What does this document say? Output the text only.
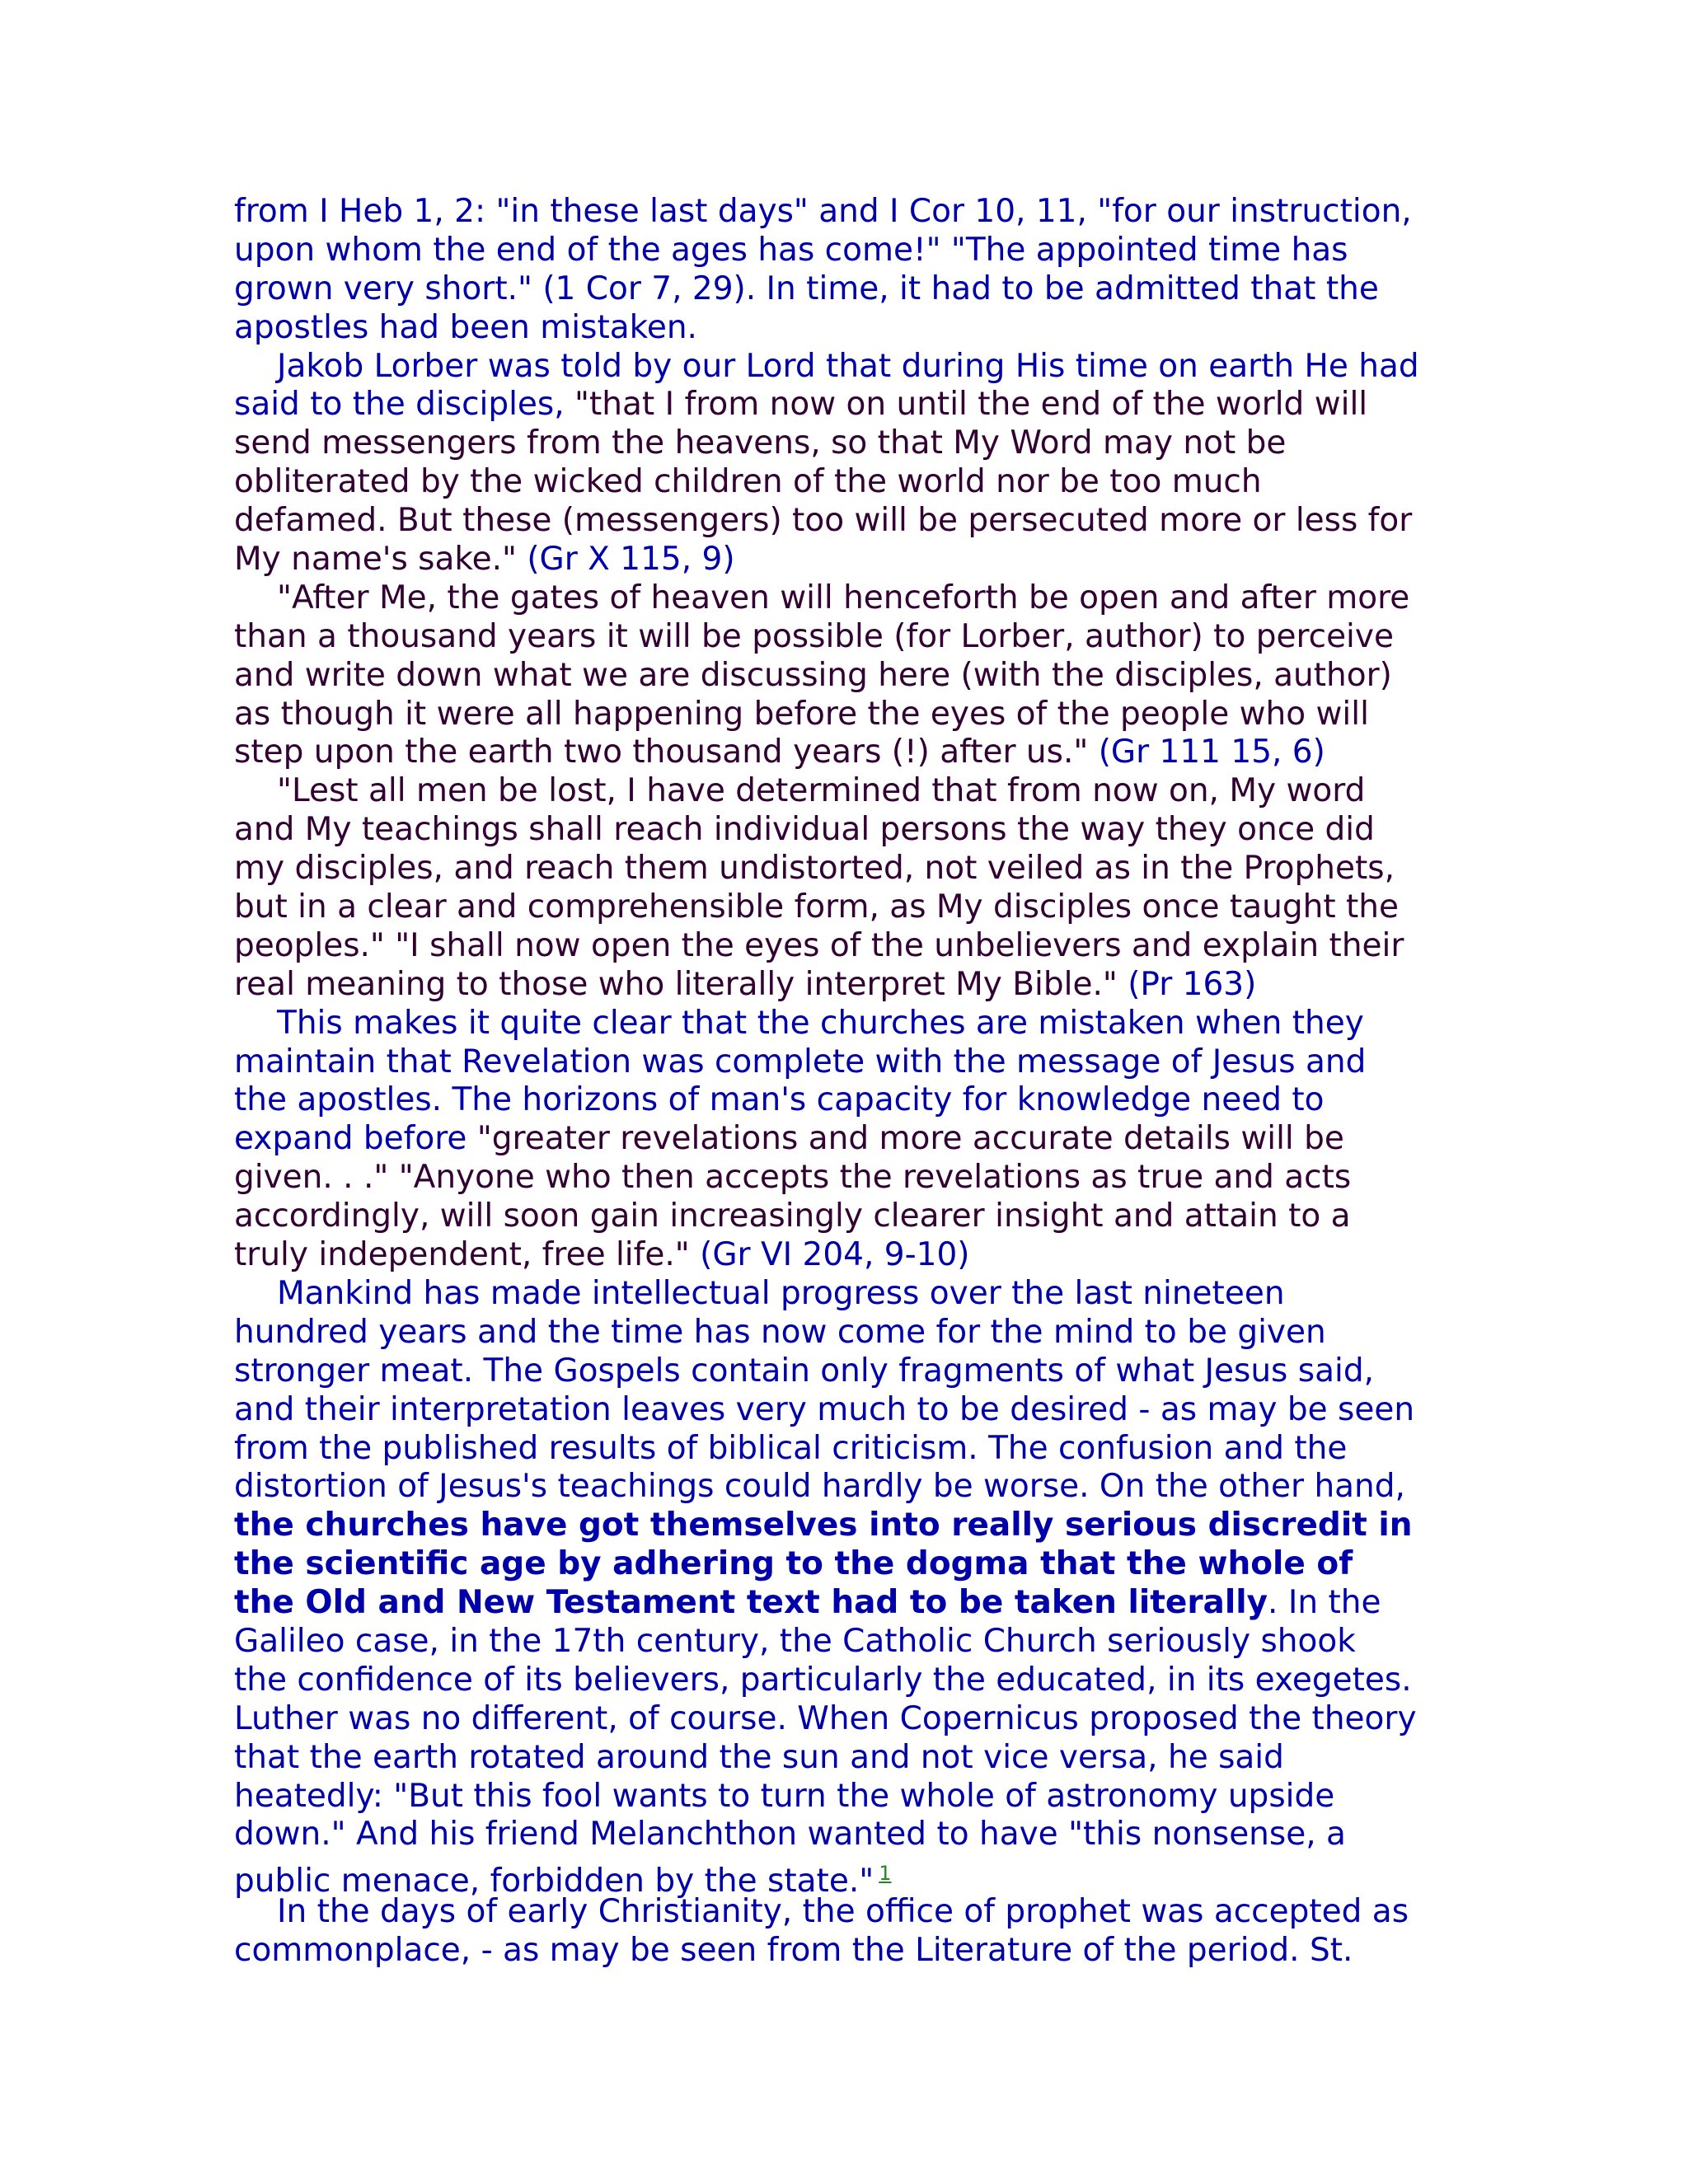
from I Heb 1, 2: "in these last days" and I Cor 10, 11, "for our instruction,
upon whom the end of the ages has come!" "The appointed time has
grown very short." (1 Cor 7, 29). In time, it had to be admitted that the
apostles had been mistaken.
Jakob Lorber was told by our Lord that during His time on earth He had
said to the disciples, "that I from now on until the end of the world will
send messengers from the heavens, so that My Word may not be
obliterated by the wicked children of the world nor be too much
defamed. But these (messengers) too will be persecuted more or less for
My name's sake." (Gr X 115, 9)
"After Me, the gates of heaven will henceforth be open and after more
than a thousand years it will be possible (for Lorber, author) to perceive
and write down what we are discussing here (with the disciples, author)
as though it were all happening before the eyes of the people who will
step upon the earth two thousand years (!) after us." (Gr 111 15, 6)
"Lest all men be lost, I have determined that from now on, My word
and My teachings shall reach individual persons the way they once did
my disciples, and reach them undistorted, not veiled as in the Prophets,
but in a clear and comprehensible form, as My disciples once taught the
peoples." "I shall now open the eyes of the unbelievers and explain their
real meaning to those who literally interpret My Bible." (Pr 163)
This makes it quite clear that the churches are mistaken when they
maintain that Revelation was complete with the message of Jesus and
the apostles. The horizons of man's capacity for knowledge need to
expand before "greater revelations and more accurate details will be
given. . ." "Anyone who then accepts the revelations as true and acts
accordingly, will soon gain increasingly clearer insight and attain to a
truly independent, free life." (Gr VI 204, 9-10)
Mankind has made intellectual progress over the last nineteen
hundred years and the time has now come for the mind to be given
stronger meat. The Gospels contain only fragments of what Jesus said,
and their interpretation leaves very much to be desired - as may be seen
from the published results of biblical criticism. The confusion and the
distortion of Jesus's teachings could hardly be worse. On the other hand,
the churches have got themselves into really serious discredit in
the scientific age by adhering to the dogma that the whole of
the Old and New Testament text had to be taken literally. In the
Galileo case, in the 17th century, the Catholic Church seriously shook
the confidence of its believers, particularly the educated, in its exegetes.
Luther was no different, of course. When Copernicus proposed the theory
that the earth rotated around the sun and not vice versa, he said
heatedly: "But this fool wants to turn the whole of astronomy upside
down." And his friend Melanchthon wanted to have "this nonsense, a
public menace, forbidden by the state." $^1$
In the days of early Christianity, the office of prophet was accepted as
commonplace, - as may be seen from the Literature of the period. St.
